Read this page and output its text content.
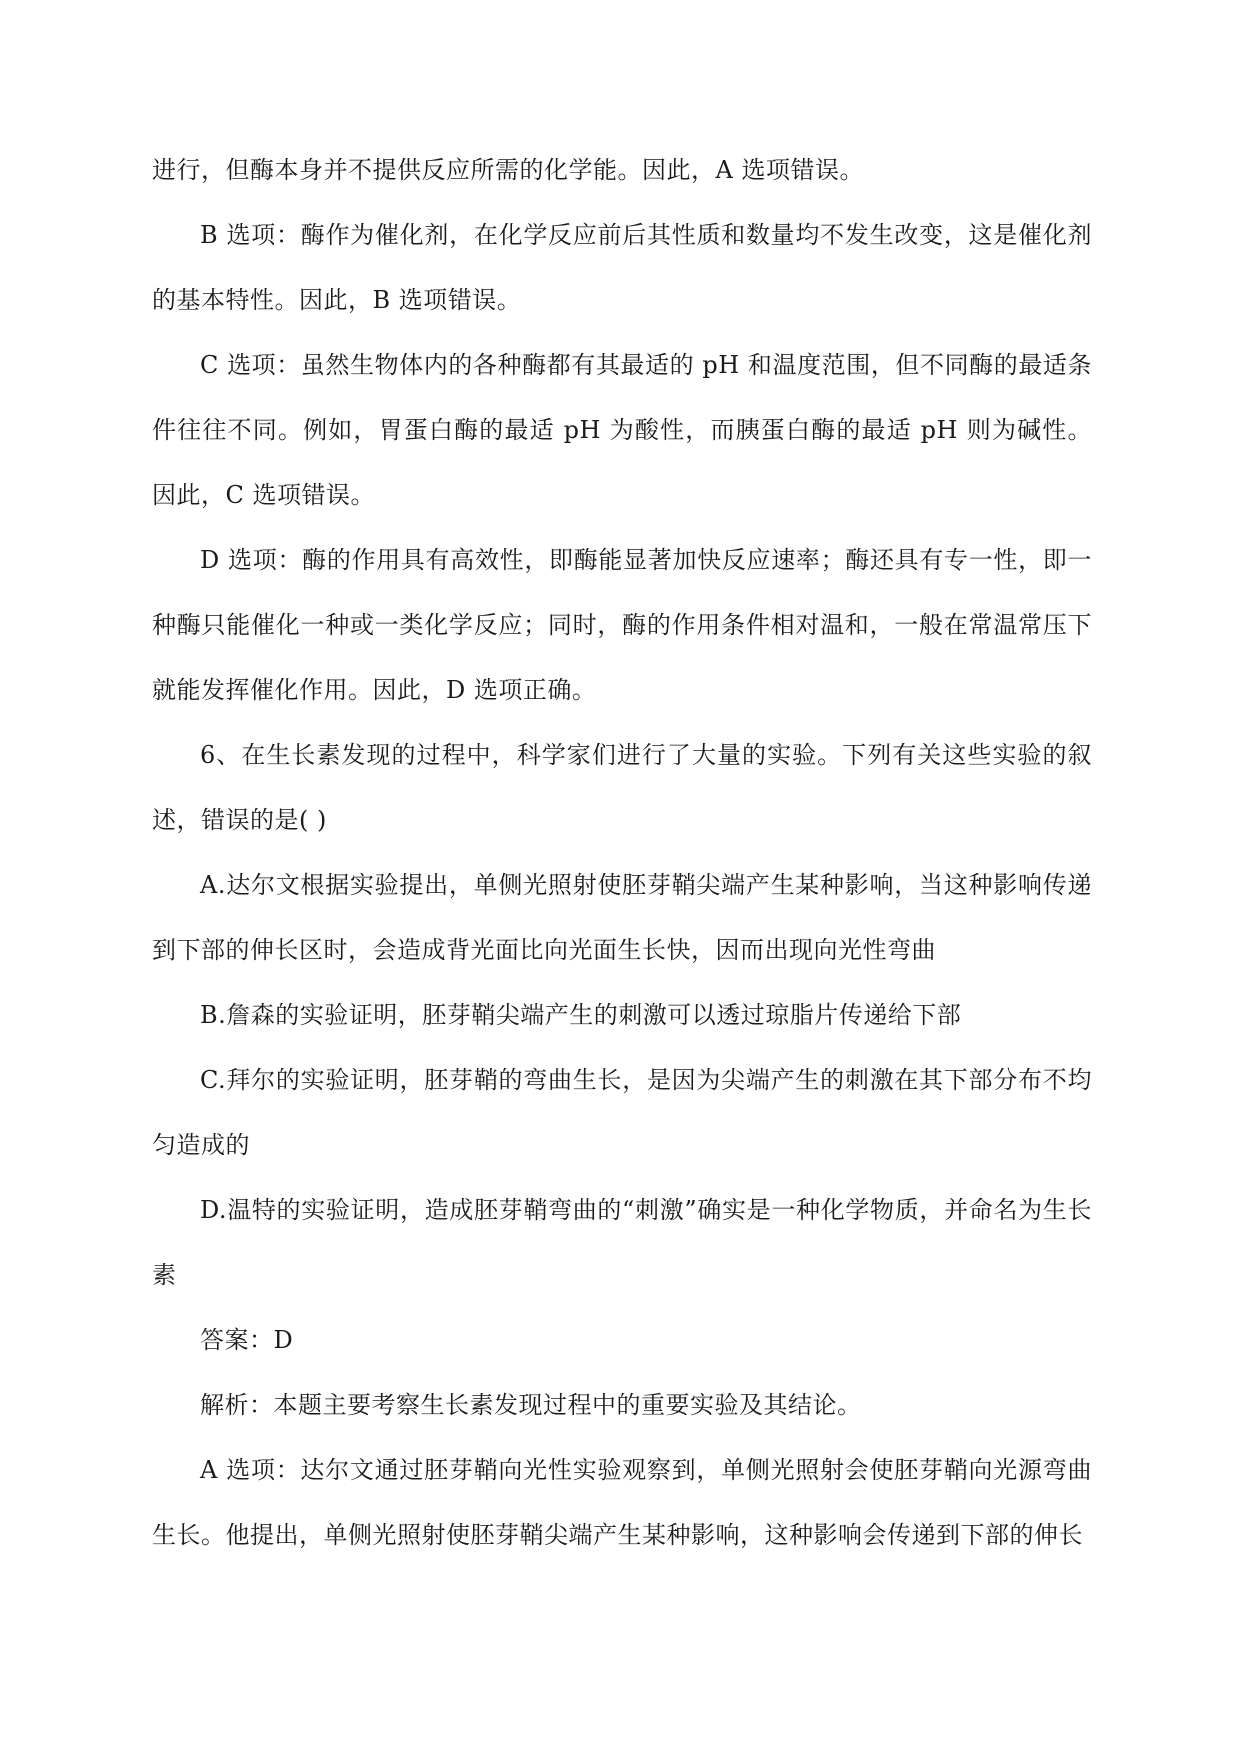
进行，但酶本身并不提供反应所需的化学能。因此，A 选项错误。

B 选项：酶作为催化剂，在化学反应前后其性质和数量均不发生改变，这是催化剂的基本特性。因此，B 选项错误。

C 选项：虽然生物体内的各种酶都有其最适的 pH 和温度范围，但不同酶的最适条件往往不同。例如，胃蛋白酶的最适 pH 为酸性，而胰蛋白酶的最适 pH 则为碱性。因此，C 选项错误。

D 选项：酶的作用具有高效性，即酶能显著加快反应速率；酶还具有专一性，即一种酶只能催化一种或一类化学反应；同时，酶的作用条件相对温和，一般在常温常压下就能发挥催化作用。因此，D 选项正确。

6、在生长素发现的过程中，科学家们进行了大量的实验。下列有关这些实验的叙述，错误的是( )

A.达尔文根据实验提出，单侧光照射使胚芽鞘尖端产生某种影响，当这种影响传递到下部的伸长区时，会造成背光面比向光面生长快，因而出现向光性弯曲

B.詹森的实验证明，胚芽鞘尖端产生的刺激可以透过琼脂片传递给下部

C.拜尔的实验证明，胚芽鞘的弯曲生长，是因为尖端产生的刺激在其下部分布不均匀造成的

D.温特的实验证明，造成胚芽鞘弯曲的“刺激”确实是一种化学物质，并命名为生长素

答案：D

解析：本题主要考察生长素发现过程中的重要实验及其结论。

A 选项：达尔文通过胚芽鞘向光性实验观察到，单侧光照射会使胚芽鞘向光源弯曲生长。他提出，单侧光照射使胚芽鞘尖端产生某种影响，这种影响会传递到下部的伸长
